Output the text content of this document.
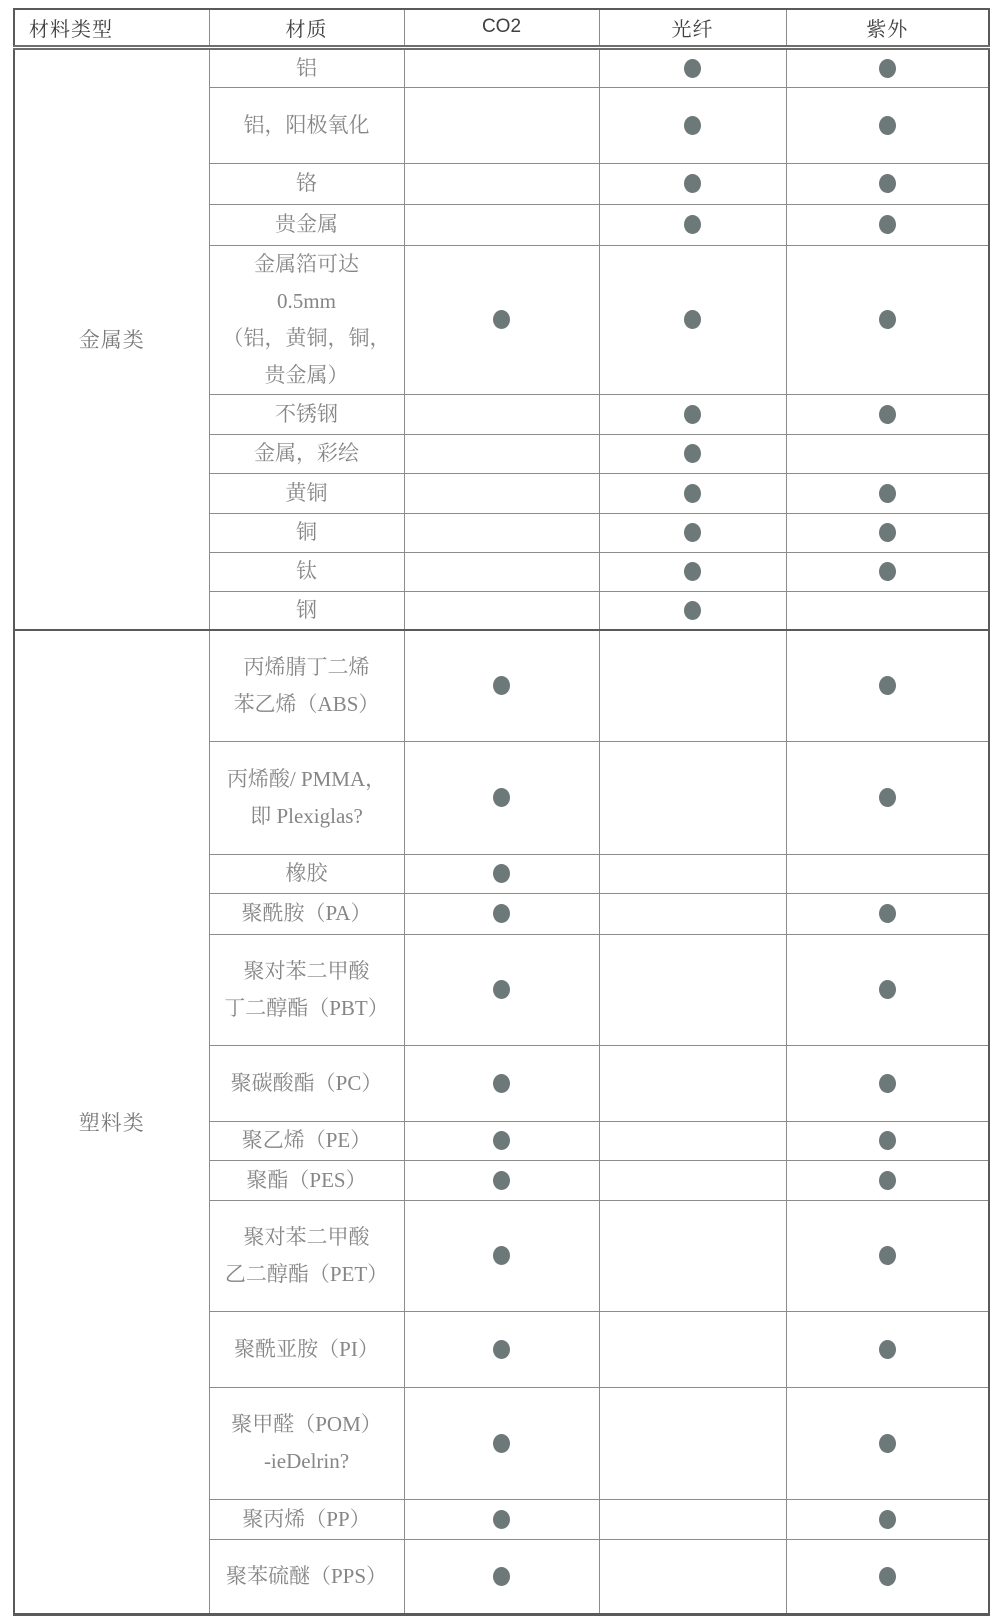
材料类型	材质	CO2	光纤	紫外
金属类	铝			

	铝，阳极氧化			

	铬			

	贵金属			

	金属箔可达
0.5mm
（铝，黄铜，铜，
贵金属）			

	不锈钢			

	金属，彩绘			

	黄铜			

	铜			

	钛			

	钢			

塑料类	丙烯腈丁二烯
苯乙烯（ABS）			

	丙烯酸/ PMMA，
即 Plexiglas?			

	橡胶			

	聚酰胺（PA）			

	聚对苯二甲酸
丁二醇酯（PBT）			

	聚碳酸酯（PC）			

	聚乙烯（PE）			

	聚酯（PES）			

	聚对苯二甲酸
乙二醇酯（PET）			

	聚酰亚胺（PI）			

	聚甲醛（POM）
-ieDelrin?			

	聚丙烯（PP）			

	聚苯硫醚（PPS）			
